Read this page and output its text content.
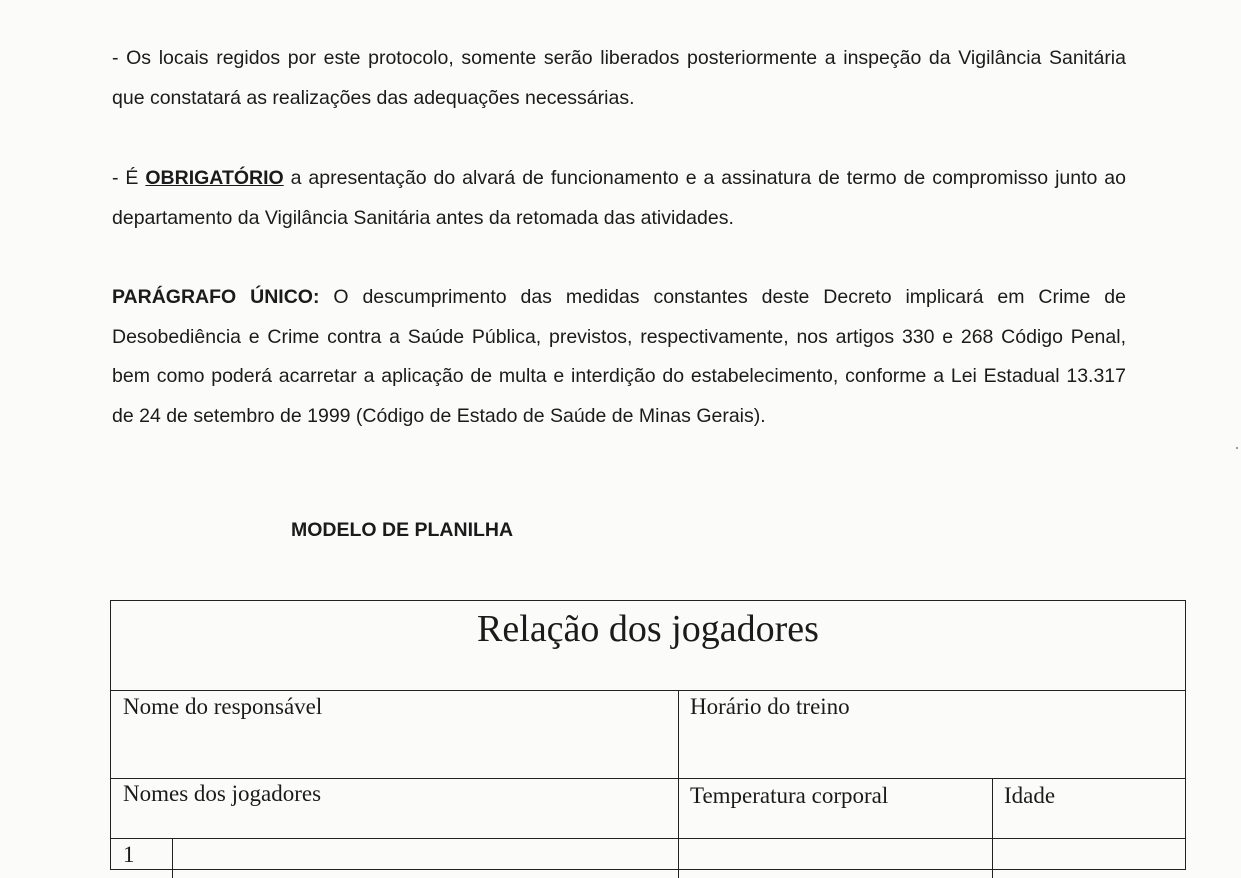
- Os locais regidos por este protocolo, somente serão liberados posteriormente a inspeção da Vigilância Sanitária que constatará as realizações das adequações necessárias.

- É OBRIGATÓRIO a apresentação do alvará de funcionamento e a assinatura de termo de compromisso junto ao departamento da Vigilância Sanitária antes da retomada das atividades.

PARÁGRAFO ÚNICO: O descumprimento das medidas constantes deste Decreto implicará em Crime de Desobediência e Crime contra a Saúde Pública, previstos, respectivamente, nos artigos 330 e 268 Código Penal, bem como poderá acarretar a aplicação de multa e interdição do estabelecimento, conforme a Lei Estadual 13.317 de 24 de setembro de 1999 (Código de Estado de Saúde de Minas Gerais).

MODELO DE PLANILHA

Relação dos jogadores
Nome do responsável	Horário do treino
Nomes dos jogadores	Temperatura corporal	Idade
1
